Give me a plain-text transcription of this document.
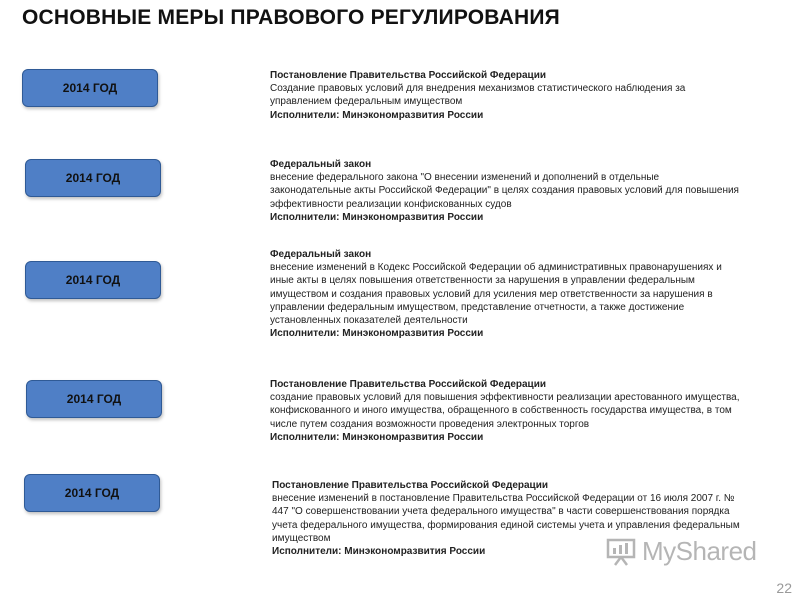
ОСНОВНЫЕ МЕРЫ ПРАВОВОГО РЕГУЛИРОВАНИЯ
2014 ГОД
Постановление Правительства Российской Федерации
Создание правовых условий для внедрения механизмов статистического наблюдения за управлением федеральным имуществом
Исполнители: Минэкономразвития России
2014 ГОД
Федеральный закон
внесение федерального закона "О внесении изменений и дополнений в отдельные законодательные акты Российской Федерации" в целях создания правовых условий для повышения эффективности реализации конфискованных судов
Исполнители: Минэкономразвития России
2014 ГОД
Федеральный закон
внесение изменений в Кодекс Российской Федерации об административных правонарушениях и иные акты в целях повышения ответственности за нарушения в управлении федеральным имуществом и создания правовых условий для усиления мер ответственности за нарушения в управлении федеральным имуществом, представление отчетности, а также достижение установленных показателей деятельности
Исполнители: Минэкономразвития России
2014 ГОД
Постановление Правительства Российской Федерации
создание правовых условий для повышения эффективности реализации арестованного имущества, конфискованного и иного имущества, обращенного в собственность государства имущества, в том числе путем создания возможности проведения электронных торгов
Исполнители: Минэкономразвития России
2014 ГОД
Постановление Правительства Российской Федерации
внесение изменений в постановление Правительства Российской Федерации от 16 июля 2007 г. № 447 "О совершенствовании учета федерального имущества" в части совершенствования порядка учета федерального имущества, формирования единой системы учета и управления федеральным имуществом
Исполнители: Минэкономразвития России	MyShared
22
